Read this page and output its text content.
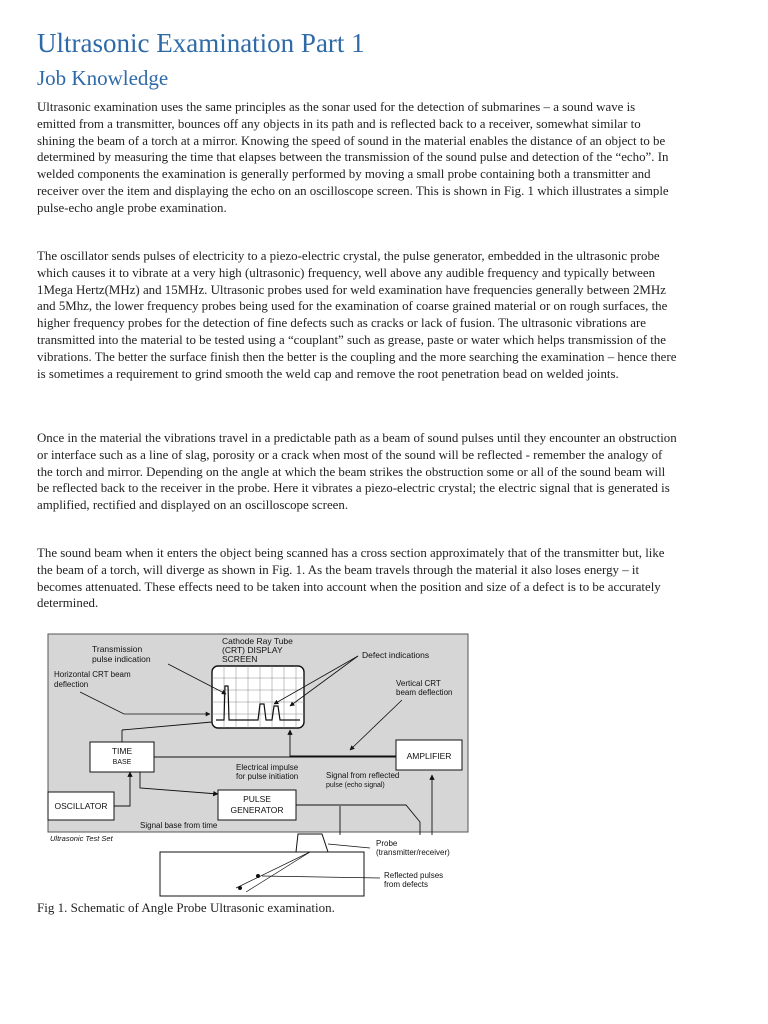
Ultrasonic Examination Part 1
Job Knowledge

Ultrasonic examination uses the same principles as the sonar used for the detection of submarines – a sound wave is emitted from a transmitter, bounces off any objects in its path and is reflected back to a receiver, somewhat similar to shining the beam of a torch at a mirror. Knowing the speed of sound in the material enables the distance of an object to be determined by measuring the time that elapses between the transmission of the sound pulse and detection of the “echo”. In welded components the examination is generally performed by moving a small probe containing both a transmitter and receiver over the item and displaying the echo on an oscilloscope screen. This is shown in Fig. 1 which illustrates a simple pulse-echo angle probe examination.

The oscillator sends pulses of electricity to a piezo-electric crystal, the pulse generator, embedded in the ultrasonic probe which causes it to vibrate at a very high (ultrasonic) frequency, well above any audible frequency and typically between 1Mega Hertz(MHz) and 15MHz. Ultrasonic probes used for weld examination have frequencies generally between 2MHz and 5Mhz, the lower frequency probes being used for the examination of coarse grained material or on rough surfaces, the higher frequency probes for the detection of fine defects such as cracks or lack of fusion. The ultrasonic vibrations are transmitted into the material to be tested using a “couplant” such as grease, paste or water which helps transmission of the vibrations. The better the surface finish then the better is the coupling and the more searching the examination – hence there is sometimes a requirement to grind smooth the weld cap and remove the root penetration bead on welded joints.

Once in the material the vibrations travel in a predictable path as a beam of sound pulses until they encounter an obstruction or interface such as a line of slag, porosity or a crack when most of the sound will be reflected - remember the analogy of the torch and mirror. Depending on the angle at which the beam strikes the obstruction some or all of the sound beam will be reflected back to the receiver in the probe. Here it vibrates a piezo-electric crystal; the electric signal that is generated is amplified, rectified and displayed on an oscilloscope screen.

The sound beam when it enters the object being scanned has a cross section approximately that of the transmitter but, like the beam of a torch, will diverge as shown in Fig. 1. As the beam travels through the material it also loses energy – it becomes attenuated. These effects need to be taken into account when the position and size of a defect is to be accurately determined.

Cathode Ray Tube (CRT) DISPLAY SCREEN
Transmission pulse indication
Horizontal CRT beam deflection
Defect indications
Vertical CRT beam deflection
TIME BASE
AMPLIFIER
OSCILLATOR
PULSE GENERATOR
Electrical impulse for pulse initiation	Signal from reflected pulse (echo signal)
Signal base from time
Ultrasonic Test Set
Probe (transmitter/receiver)
Reflected pulses from defects

Fig 1. Schematic of Angle Probe Ultrasonic examination.
